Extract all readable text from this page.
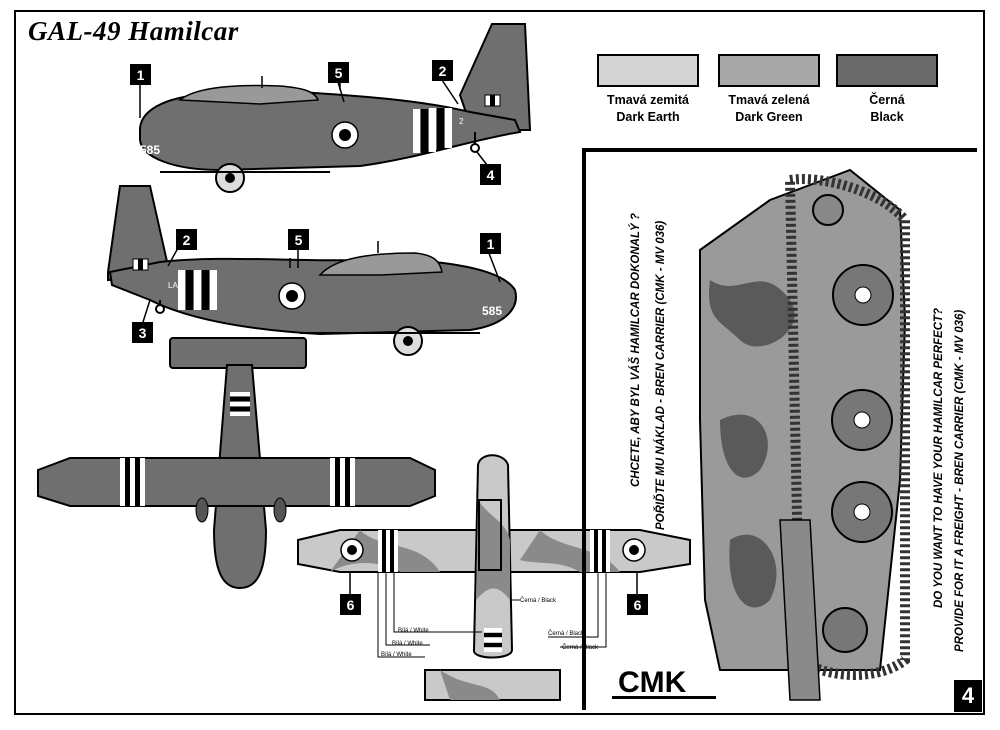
GAL-49 Hamilcar
Tmavá zemitá
Dark Earth
Tmavá zelená
Dark Green
Černá
Black
585
2
585
LA
Bílá / White
Bílá / White
Bílá / White
Černá / Black
Černá / Black
Černá / Black
1	5	2
4
2	5	1
3
6	6
CHCETE, ABY BYL VÁŠ HAMILCAR DOKONALÝ ? POŘIĎTE MU NÁKLAD - BREN CARRIER (CMK - MV 036)	DO YOU WANT TO HAVE YOUR HAMILCAR PERFECT? PROVIDE FOR IT A FREIGHT - BREN CARRIER (CMK - MV 036)
CMK	4
